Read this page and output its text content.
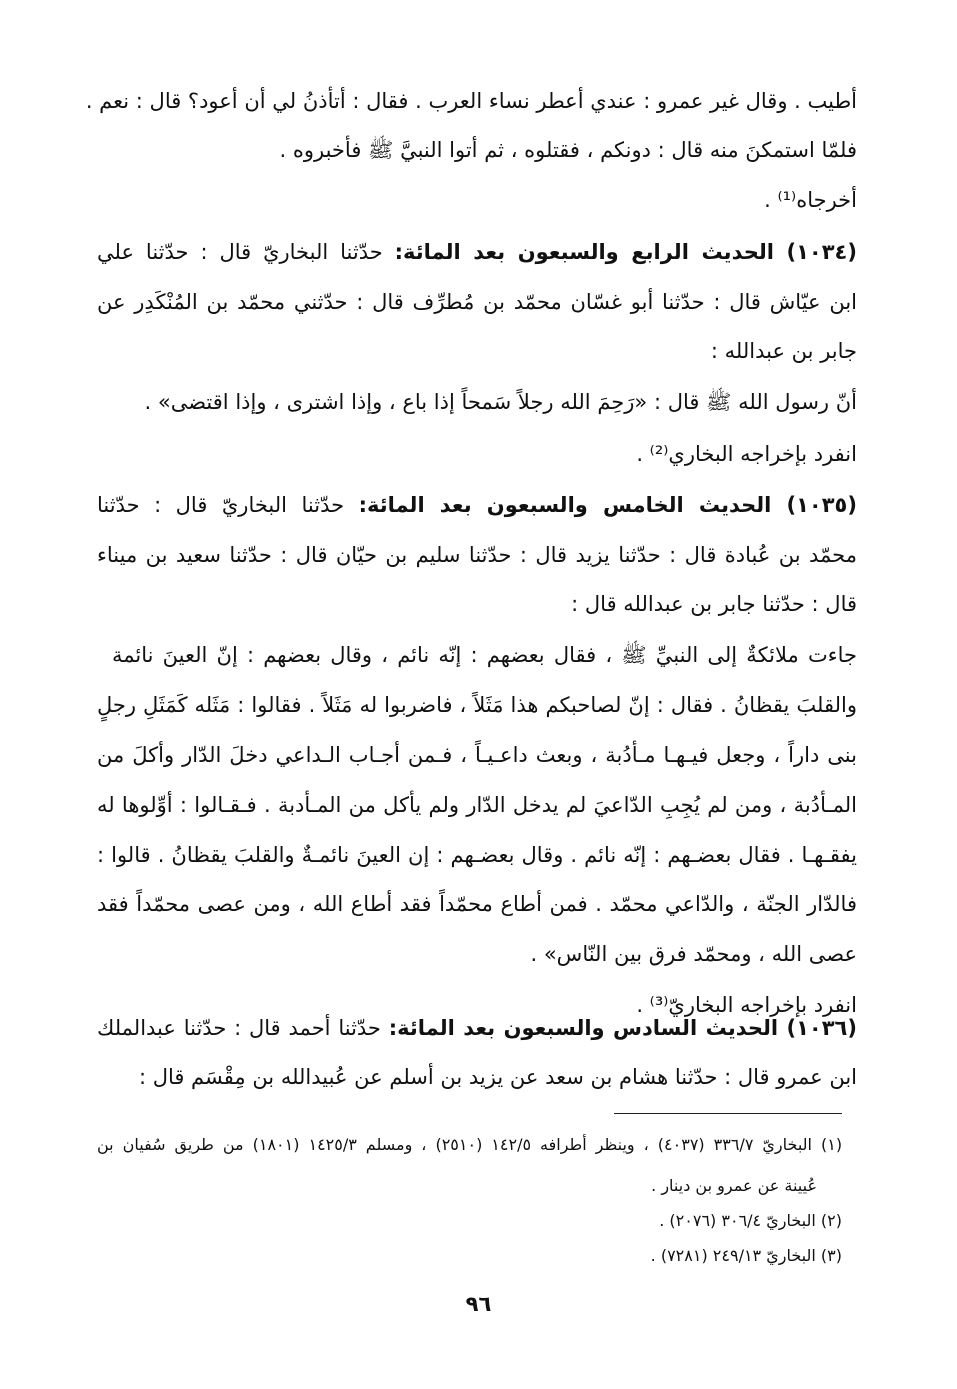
أطيب . وقال غير عمرو : عندي أعطر نساء العرب . فقال : أتأذنُ لي أن أعود؟ قال : نعم .
فلمّا استمكنَ منه قال : دونكم ، فقتلوه ، ثم أتوا النبيَّ ﷺ فأخبروه .
أخرجاه⁽¹⁾ .
(١٠٣٤) الحديث الرابع والسبعون بعد المائة: حدّثنا البخاريّ قال : حدّثنا علي
ابن عيّاش قال : حدّثنا أبو غسّان محمّد بن مُطرِّف قال : حدّثني محمّد بن المُنْكَدِر عن
جابر بن عبدالله :
أنّ رسول الله ﷺ قال : «رَحِمَ الله رجلاً سَمحاً إذا باع ، وإذا اشترى ، وإذا اقتضى» .
انفرد بإخراجه البخاري⁽²⁾ .
(١٠٣٥) الحديث الخامس والسبعون بعد المائة: حدّثنا البخاريّ قال : حدّثنا
محمّد بن عُبادة قال : حدّثنا يزيد قال : حدّثنا سليم بن حيّان قال : حدّثنا سعيد بن ميناء
قال : حدّثنا جابر بن عبدالله قال :
جاءت ملائكةٌ إلى النبيِّ ﷺ ، فقال بعضهم : إنّه نائم ، وقال بعضهم : إنّ العينَ نائمة
والقلبَ يقظانُ . فقال : إنّ لصاحبكم هذا مَثَلاً ، فاضربوا له مَثَلاً . فقالوا : مَثَله كَمَثَلِ رجلٍ
بنى داراً ، وجعل فيـهـا مـأدُبة ، وبعث داعـيـاً ، فـمن أجـاب الـداعي دخلَ الدّار وأكلَ من
المـأدُبة ، ومن لم يُجِبِ الدّاعيَ لم يدخل الدّار ولم يأكل من المـأدبة . فـقـالوا : أوِّلوها له
يفقـهـا . فقال بعضـهم : إنّه نائم . وقال بعضـهم : إن العينَ نائمـةٌ والقلبَ يقظانُ . قالوا :
فالدّار الجنّة ، والدّاعي محمّد . فمن أطاع محمّداً فقد أطاع الله ، ومن عصى محمّداً فقد
عصى الله ، ومحمّد فرق بين النّاس» .
انفرد بإخراجه البخاريّ⁽³⁾ .
(١٠٣٦) الحديث السادس والسبعون بعد المائة: حدّثنا أحمد قال : حدّثنا عبدالملك
ابن عمرو قال : حدّثنا هشام بن سعد عن يزيد بن أسلم عن عُبيدالله بن مِقْسَم قال :
(١) البخاريّ ٣٣٦/٧ (٤٠٣٧) ، وينظر أطرافه ١٤٢/٥ (٢٥١٠) ، ومسلم ١٤٢٥/٣ (١٨٠١) من طريق سُفيان بن
عُيينة عن عمرو بن دينار .
(٢) البخاريّ ٣٠٦/٤ (٢٠٧٦) .
(٣) البخاريّ ٢٤٩/١٣ (٧٢٨١) .
٩٦
